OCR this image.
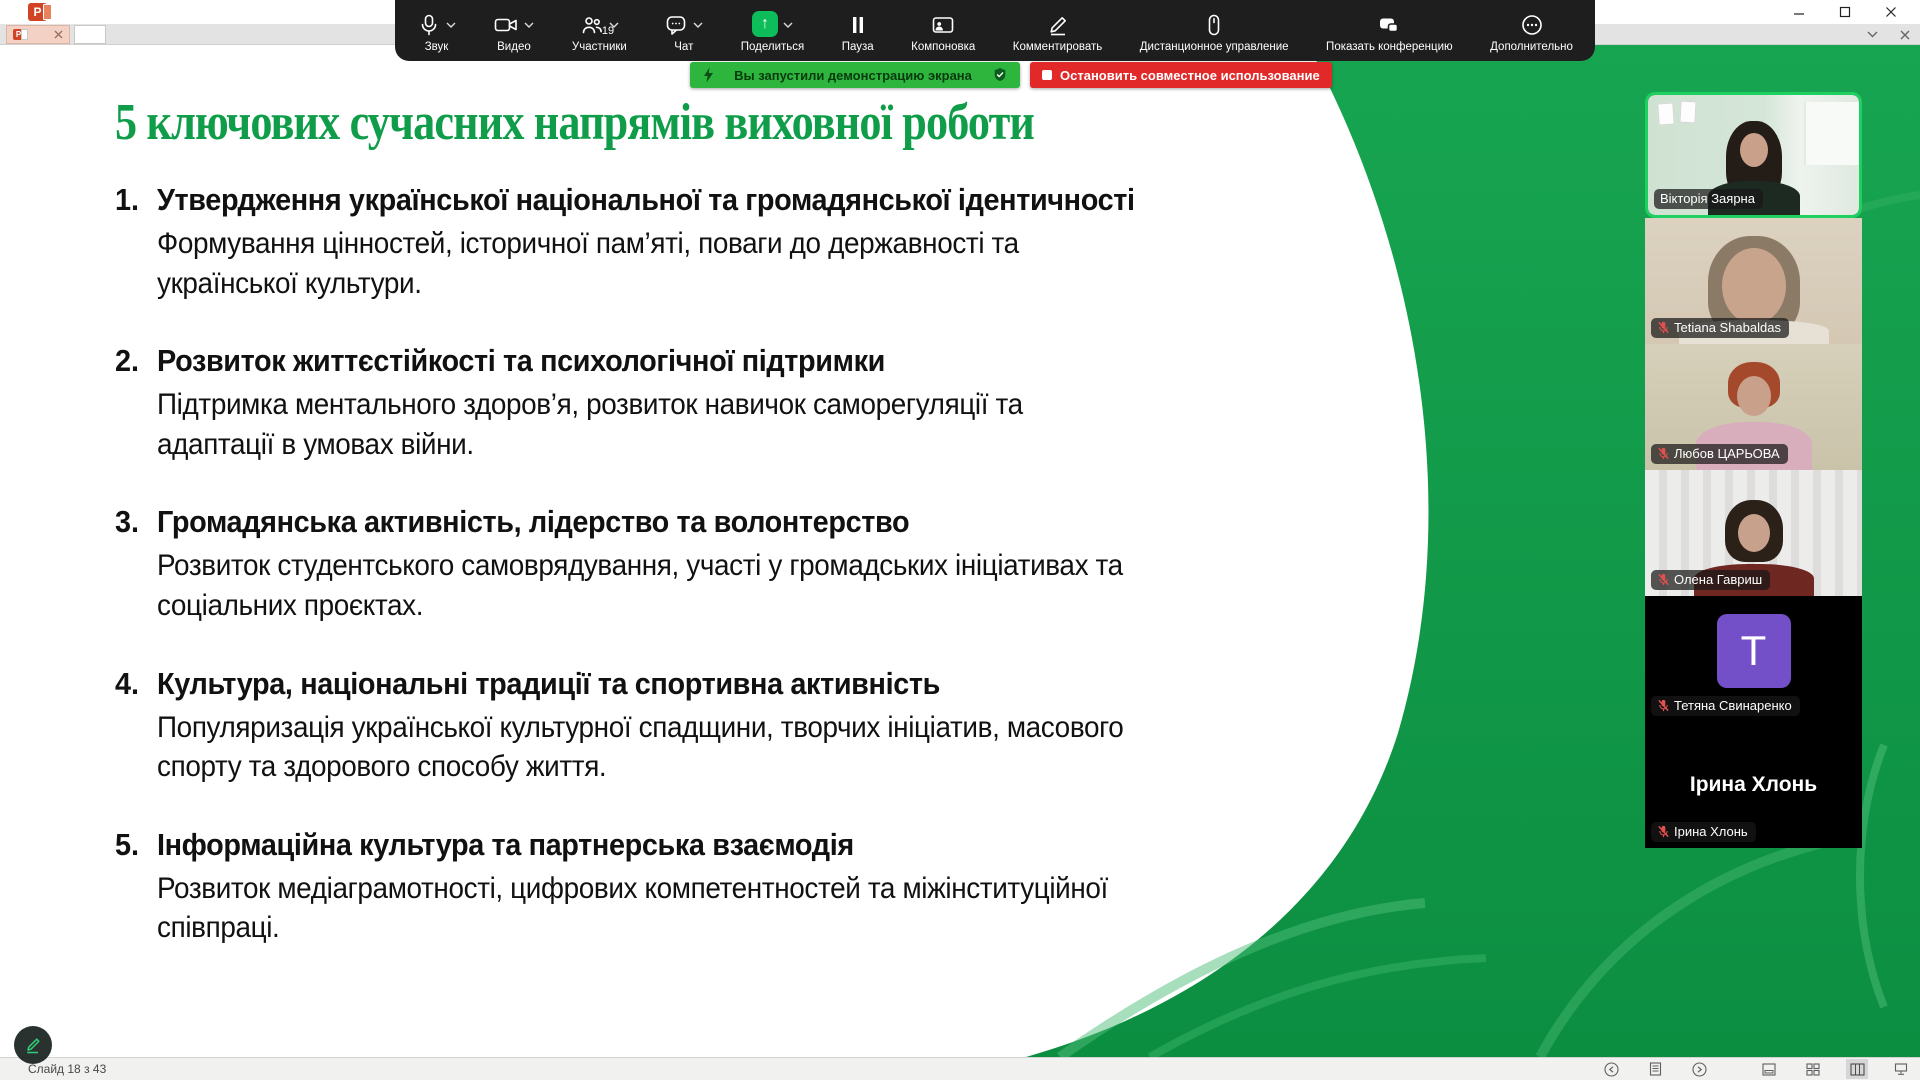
P
P
5 ключових сучасних напрямів виховної роботи
1. Утвердження української національної та громадянської ідентичності
Формування цінностей, історичної пам’яті, поваги до державності та української культури.
2. Розвиток життєстійкості та психологічної підтримки
Підтримка ментального здоров’я, розвиток навичок саморегуляції та адаптації в умовах війни.
3. Громадянська активність, лідерство та волонтерство
Розвиток студентського самоврядування, участі у громадських ініціативах та соціальних проєктах.
4. Культура, національні традиції та спортивна активність
Популяризація української культурної спадщини, творчих ініціатив, масового спорту та здорового способу життя.
5. Інформаційна культура та партнерська взаємодія
Розвиток медіаграмотності, цифрових компетентностей та міжінституційної співпраці.
Звук	Видео
19
Участники	Чат
↑
Поделиться	Пауза	Компоновка	Комментировать	Дистанционное управление	Показать конференцию	Дополнительно
Вы запустили демонстрацию экрана	Остановить совместное использование
Вікторія Заярна
Tetiana Shabaldas
Любов ЦАРЬОВА
Олена Гавриш
T
Тетяна Свинаренко
Ірина Хлонь
Ірина Хлонь
Слайд 18 з 43
